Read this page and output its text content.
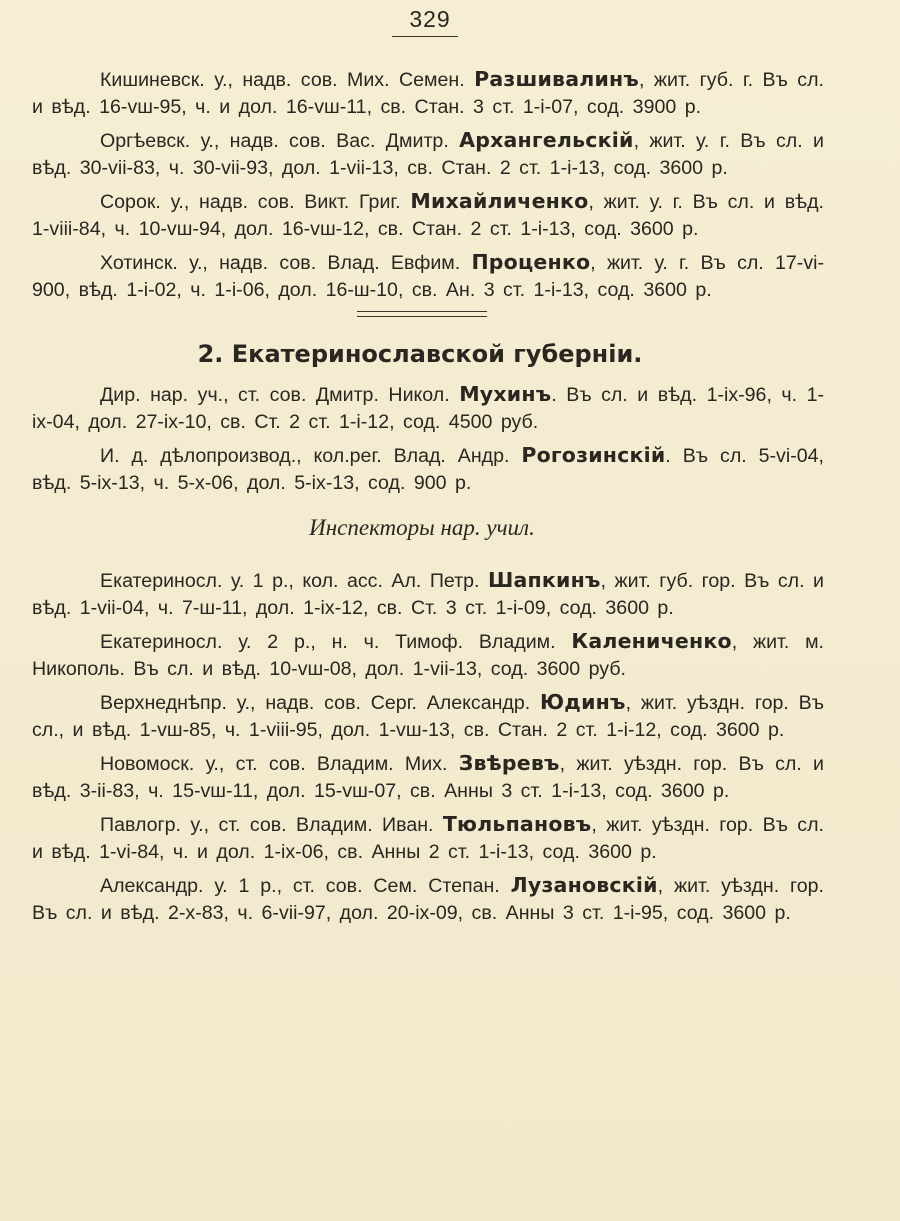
329

Кишиневск. у., надв. сов. Мих. Семен. Разшивалинъ, жит. губ. г. Въ сл. и вѣд. 16-vш-95, ч. и дол. 16-vш-11, св. Стан. 3 ст. 1-i-07, сод. 3900 р.

Оргѣевск. у., надв. сов. Вас. Дмитр. Архангельскій, жит. у. г. Въ сл. и вѣд. 30-vii-83, ч. 30-vii-93, дол. 1-vii-13, св. Стан. 2 ст. 1-i-13, сод. 3600 р.

Сорок. у., надв. сов. Викт. Григ. Михайличенко, жит. у. г. Въ сл. и вѣд. 1-viii-84, ч. 10-vш-94, дол. 16-vш-12, св. Стан. 2 ст. 1-i-13, сод. 3600 р.

Хотинск. у., надв. сов. Влад. Евфим. Проценко, жит. у. г. Въ сл. 17-vi-900, вѣд. 1-i-02, ч. 1-i-06, дол. 16-ш-10, св. Ан. 3 ст. 1-i-13, сод. 3600 р.

2. Екатеринославской губерніи.

Дир. нар. уч., ст. сов. Дмитр. Никол. Мухинъ. Въ сл. и вѣд. 1-ix-96, ч. 1-ix-04, дол. 27-ix-10, св. Ст. 2 ст. 1-i-12, сод. 4500 руб.

И. д. дѣлопроизвод., кол.рег. Влад. Андр. Рогозинскій. Въ сл. 5-vi-04, вѣд. 5-ix-13, ч. 5-x-06, дол. 5-ix-13, сод. 900 р.

Инспекторы нар. учил.

Екатериносл. у. 1 р., кол. асс. Ал. Петр. Шапкинъ, жит. губ. гор. Въ сл. и вѣд. 1-vii-04, ч. 7-ш-11, дол. 1-ix-12, св. Ст. 3 ст. 1-i-09, сод. 3600 р.

Екатериносл. у. 2 р., н. ч. Тимоф. Владим. Калениченко, жит. м. Никополь. Въ сл. и вѣд. 10-vш-08, дол. 1-vii-13, сод. 3600 руб.

Верхнеднѣпр. у., надв. сов. Серг. Александр. Юдинъ, жит. уѣздн. гор. Въ сл., и вѣд. 1-vш-85, ч. 1-viii-95, дол. 1-vш-13, св. Стан. 2 ст. 1-i-12, сод. 3600 р.

Новомоск. у., ст. сов. Владим. Мих. Звѣревъ, жит. уѣздн. гор. Въ сл. и вѣд. 3-ii-83, ч. 15-vш-11, дол. 15-vш-07, св. Анны 3 ст. 1-i-13, сод. 3600 р.

Павлогр. у., ст. сов. Владим. Иван. Тюльпановъ, жит. уѣздн. гор. Въ сл. и вѣд. 1-vi-84, ч. и дол. 1-ix-06, св. Анны 2 ст. 1-i-13, сод. 3600 р.

Александр. у. 1 р., ст. сов. Сем. Степан. Лузановскій, жит. уѣздн. гор. Въ сл. и вѣд. 2-x-83, ч. 6-vii-97, дол. 20-ix-09, св. Анны 3 ст. 1-i-95, сод. 3600 р.
